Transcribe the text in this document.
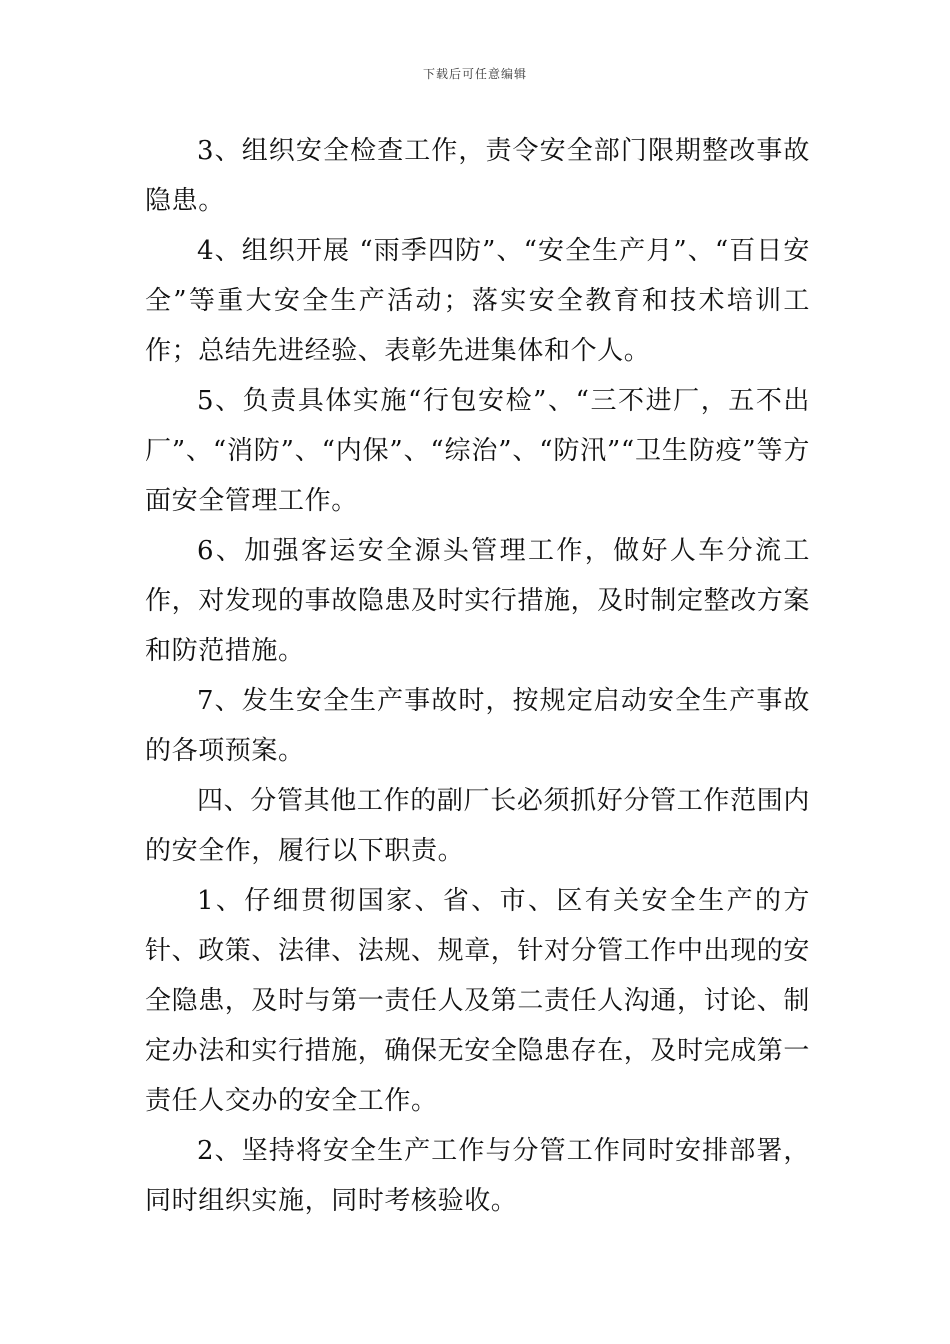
下载后可任意编辑

3、组织安全检查工作，责令安全部门限期整改事故隐患。

4、组织开展 “雨季四防”、“安全生产月”、“百日安全”等重大安全生产活动；落实安全教育和技术培训工作；总结先进经验、表彰先进集体和个人。

5、负责具体实施“行包安检”、“三不进厂，五不出厂”、“消防”、“内保”、“综治”、“防汛”“卫生防疫”等方面安全管理工作。

6、加强客运安全源头管理工作，做好人车分流工作，对发现的事故隐患及时实行措施，及时制定整改方案和防范措施。

7、发生安全生产事故时，按规定启动安全生产事故的各项预案。

四、分管其他工作的副厂长必须抓好分管工作范围内的安全作，履行以下职责。

1、仔细贯彻国家、省、市、区有关安全生产的方针、政策、法律、法规、规章，针对分管工作中出现的安全隐患，及时与第一责任人及第二责任人沟通，讨论、制定办法和实行措施，确保无安全隐患存在，及时完成第一责任人交办的安全工作。

2、坚持将安全生产工作与分管工作同时安排部署，同时组织实施，同时考核验收。
